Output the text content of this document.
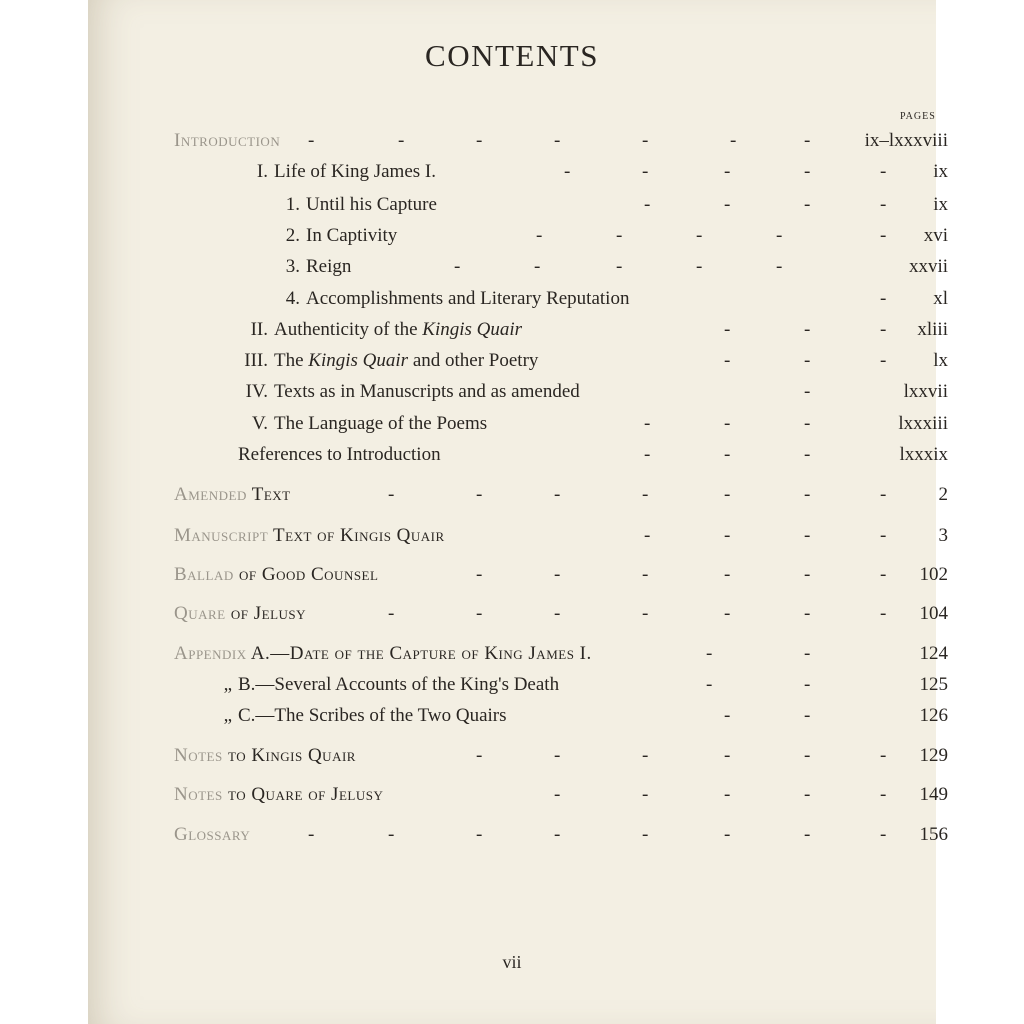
CONTENTS
PAGES
Introduction -	-	-	-	-	-	-	ix–lxxxviii
I. Life of King James I.	-	-	-	-	- ix
1. Until his Capture	-	-	-	- ix
2. In Captivity	-	-	-	-	- xvi
3. Reign	-	-	-	-	-	xxvii
4. Accomplishments and Literary Reputation	- xl
II. Authenticity of the Kingis Quair	-	-	- xliii
III. The Kingis Quair and other Poetry	-	-	- lx
IV. Texts as in Manuscripts and as amended	-	lxxvii
V. The Language of the Poems	-	-	-	lxxxiii
References to Introduction	-	-	-	lxxxix
Amended Text	-	-	-	-	-	-	-	2
Manuscript Text of Kingis Quair	-	-	-	-	3
Ballad of Good Counsel	-	-	-	-	-	- 102
Quare of Jelusy	-	-	-	-	-	-	- 104
Appendix A.—Date of the Capture of King James I.	-	-	124
„ B.—Several Accounts of the King's Death	-	-	125
„ C.—The Scribes of the Two Quairs	-	-	126
Notes to Kingis Quair	-	-	-	-	-	- 129
Notes to Quare of Jelusy	-	-	-	-	- 149
Glossary	-	-	-	-	-	-	-	- 156
vii
